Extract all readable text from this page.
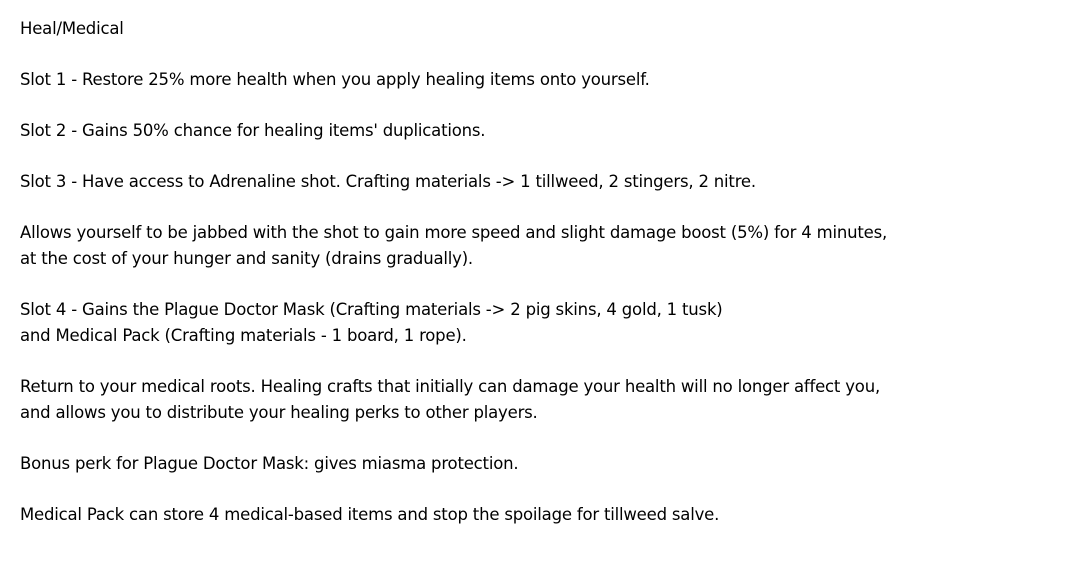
Heal/Medical
Slot 1 - Restore 25% more health when you apply healing items onto yourself.
Slot 2 - Gains 50% chance for healing items' duplications.
Slot 3 - Have access to Adrenaline shot. Crafting materials -> 1 tillweed, 2 stingers, 2 nitre.
Allows yourself to be jabbed with the shot to gain more speed and slight damage boost (5%) for 4 minutes,
at the cost of your hunger and sanity (drains gradually).
Slot 4 - Gains the Plague Doctor Mask (Crafting materials -> 2 pig skins, 4 gold, 1 tusk)
and Medical Pack (Crafting materials - 1 board, 1 rope).
Return to your medical roots. Healing crafts that initially can damage your health will no longer affect you,
and allows you to distribute your healing perks to other players.
Bonus perk for Plague Doctor Mask: gives miasma protection.
Medical Pack can store 4 medical-based items and stop the spoilage for tillweed salve.
